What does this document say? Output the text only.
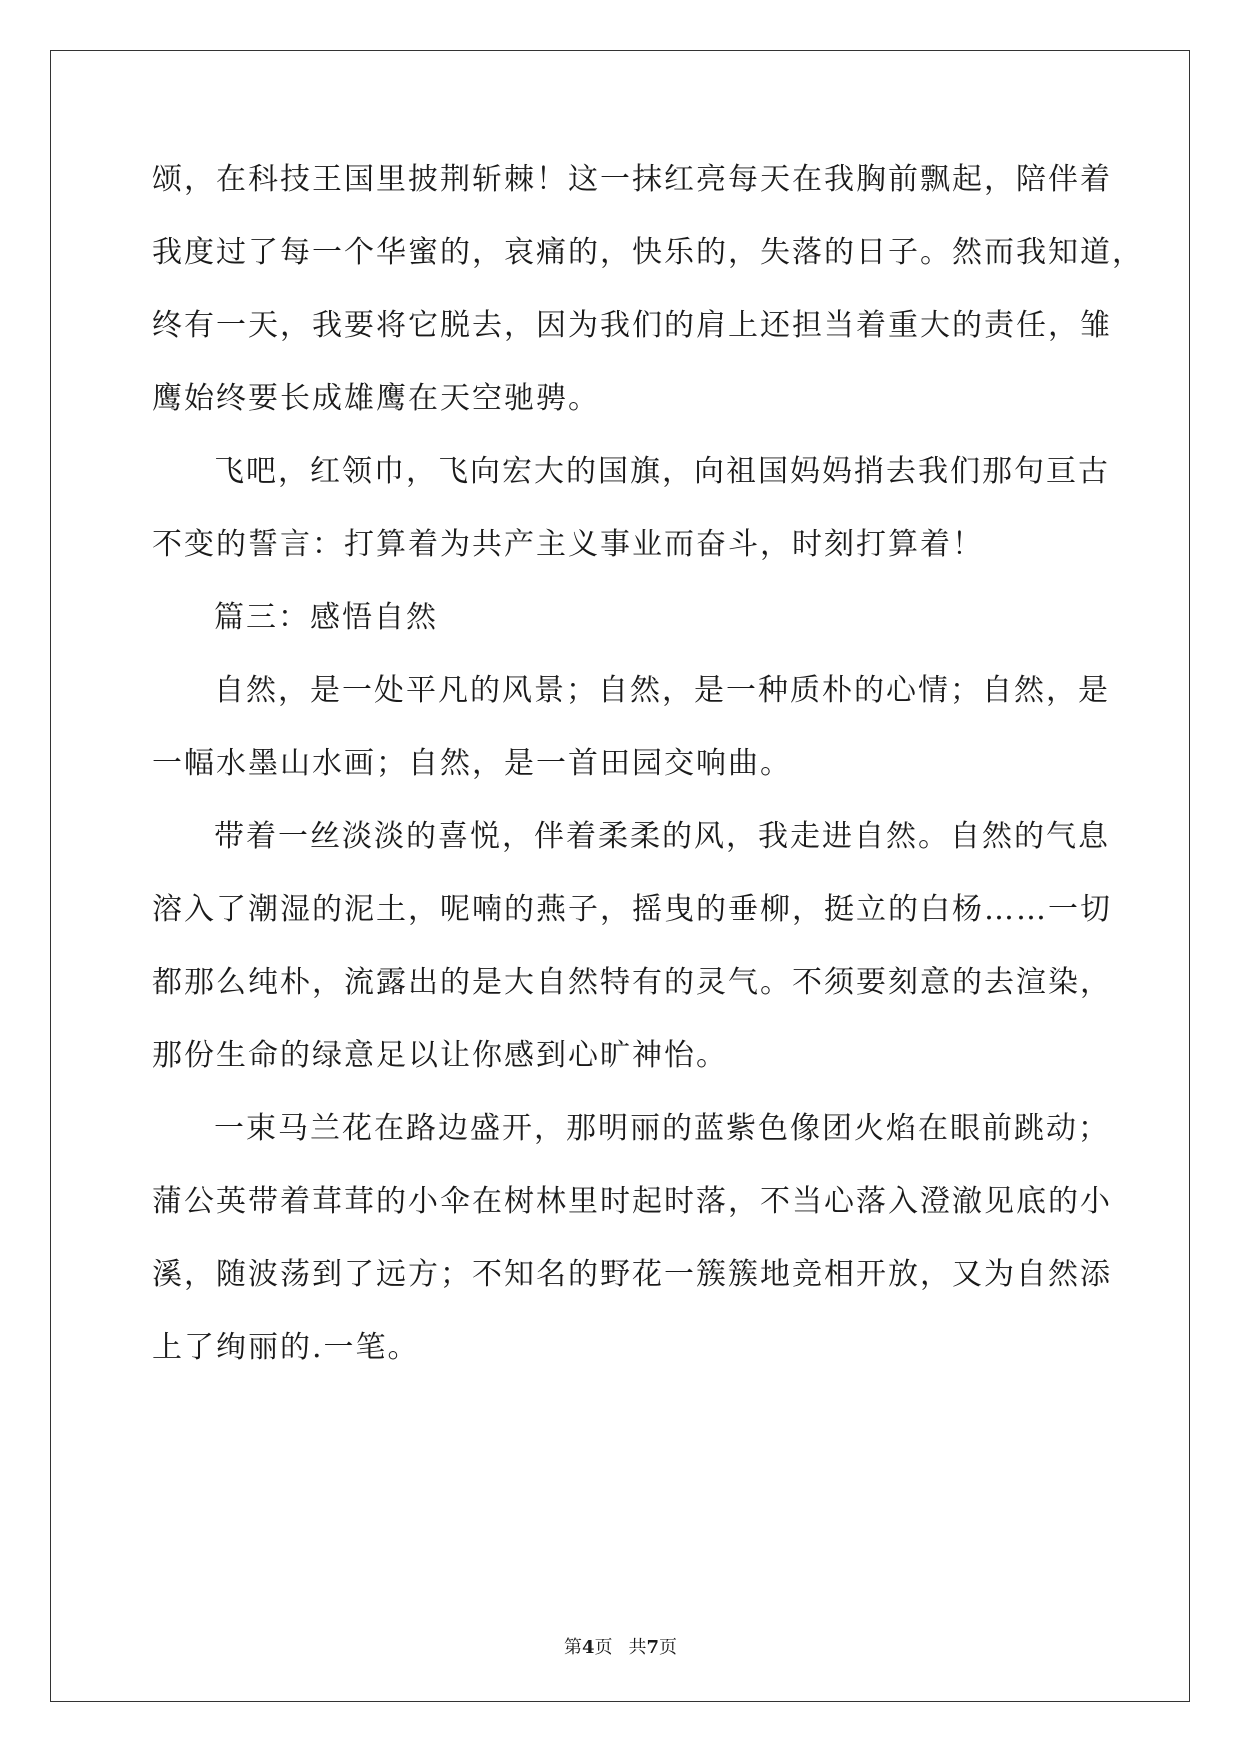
颂，在科技王国里披荆斩棘！这一抹红亮每天在我胸前飘起，陪伴着
我度过了每一个华蜜的，哀痛的，快乐的，失落的日子。然而我知道，
终有一天，我要将它脱去，因为我们的肩上还担当着重大的责任，雏
鹰始终要长成雄鹰在天空驰骋。
飞吧，红领巾，飞向宏大的国旗，向祖国妈妈捎去我们那句亘古
不变的誓言：打算着为共产主义事业而奋斗，时刻打算着！
篇三：感悟自然
自然，是一处平凡的风景；自然，是一种质朴的心情；自然，是
一幅水墨山水画；自然，是一首田园交响曲。
带着一丝淡淡的喜悦，伴着柔柔的风，我走进自然。自然的气息
溶入了潮湿的泥土，呢喃的燕子，摇曳的垂柳，挺立的白杨……一切
都那么纯朴，流露出的是大自然特有的灵气。不须要刻意的去渲染，
那份生命的绿意足以让你感到心旷神怡。
一束马兰花在路边盛开，那明丽的蓝紫色像团火焰在眼前跳动；
蒲公英带着茸茸的小伞在树林里时起时落，不当心落入澄澈见底的小
溪，随波荡到了远方；不知名的野花一簇簇地竞相开放，又为自然添
上了绚丽的.一笔。
第4页 共7页
